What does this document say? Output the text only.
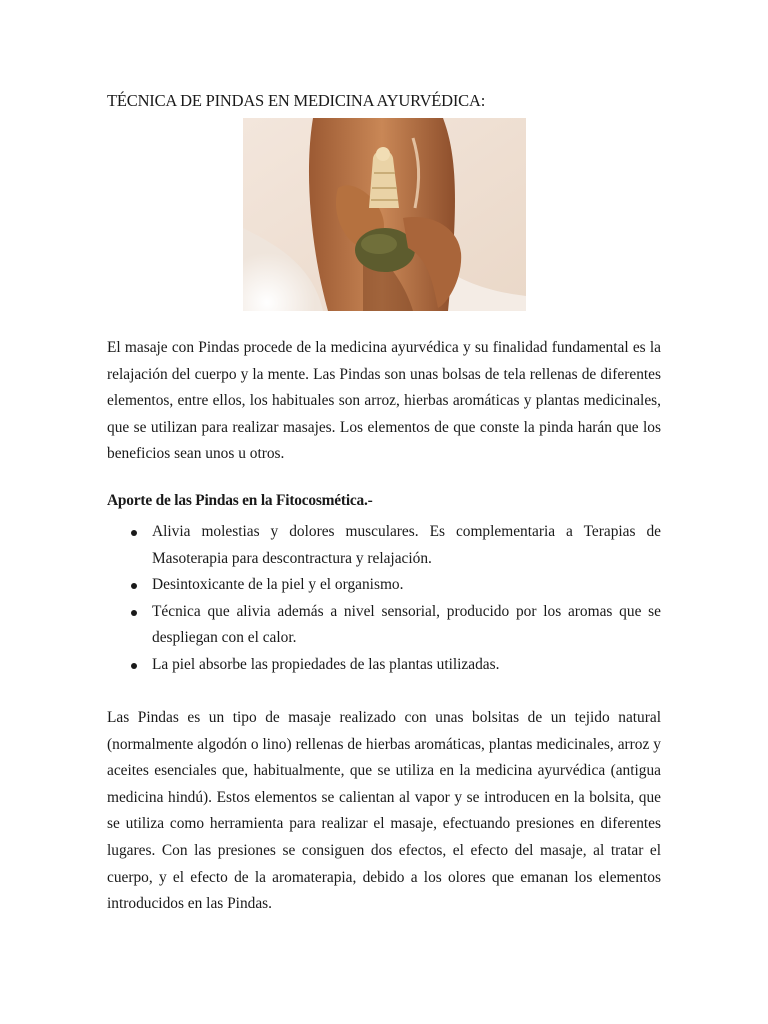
TÉCNICA DE PINDAS EN MEDICINA AYURVÉDICA:

El masaje con Pindas procede de la medicina ayurvédica y su finalidad fundamental es la relajación del cuerpo y la mente. Las Pindas son unas bolsas de tela rellenas de diferentes elementos, entre ellos, los habituales son arroz, hierbas aromáticas y plantas medicinales, que se utilizan para realizar masajes. Los elementos de que conste la pinda harán que los beneficios sean unos u otros.

Aporte de las Pindas en la Fitocosmética.-
Alivia molestias y dolores musculares. Es complementaria a Terapias de Masoterapia para descontractura y relajación.
Desintoxicante de la piel y el organismo.
Técnica que alivia además a nivel sensorial, producido por los aromas que se despliegan con el calor.
La piel absorbe las propiedades de las plantas utilizadas.

Las Pindas es un tipo de masaje realizado con unas bolsitas de un tejido natural (normalmente algodón o lino) rellenas de hierbas aromáticas, plantas medicinales, arroz y aceites esenciales que, habitualmente, que se utiliza en la medicina ayurvédica (antigua medicina hindú). Estos elementos se calientan al vapor y se introducen en la bolsita, que se utiliza como herramienta para realizar el masaje, efectuando presiones en diferentes lugares. Con las presiones se consiguen dos efectos, el efecto del masaje, al tratar el cuerpo, y el efecto de la aromaterapia, debido a los olores que emanan los elementos introducidos en las Pindas.
